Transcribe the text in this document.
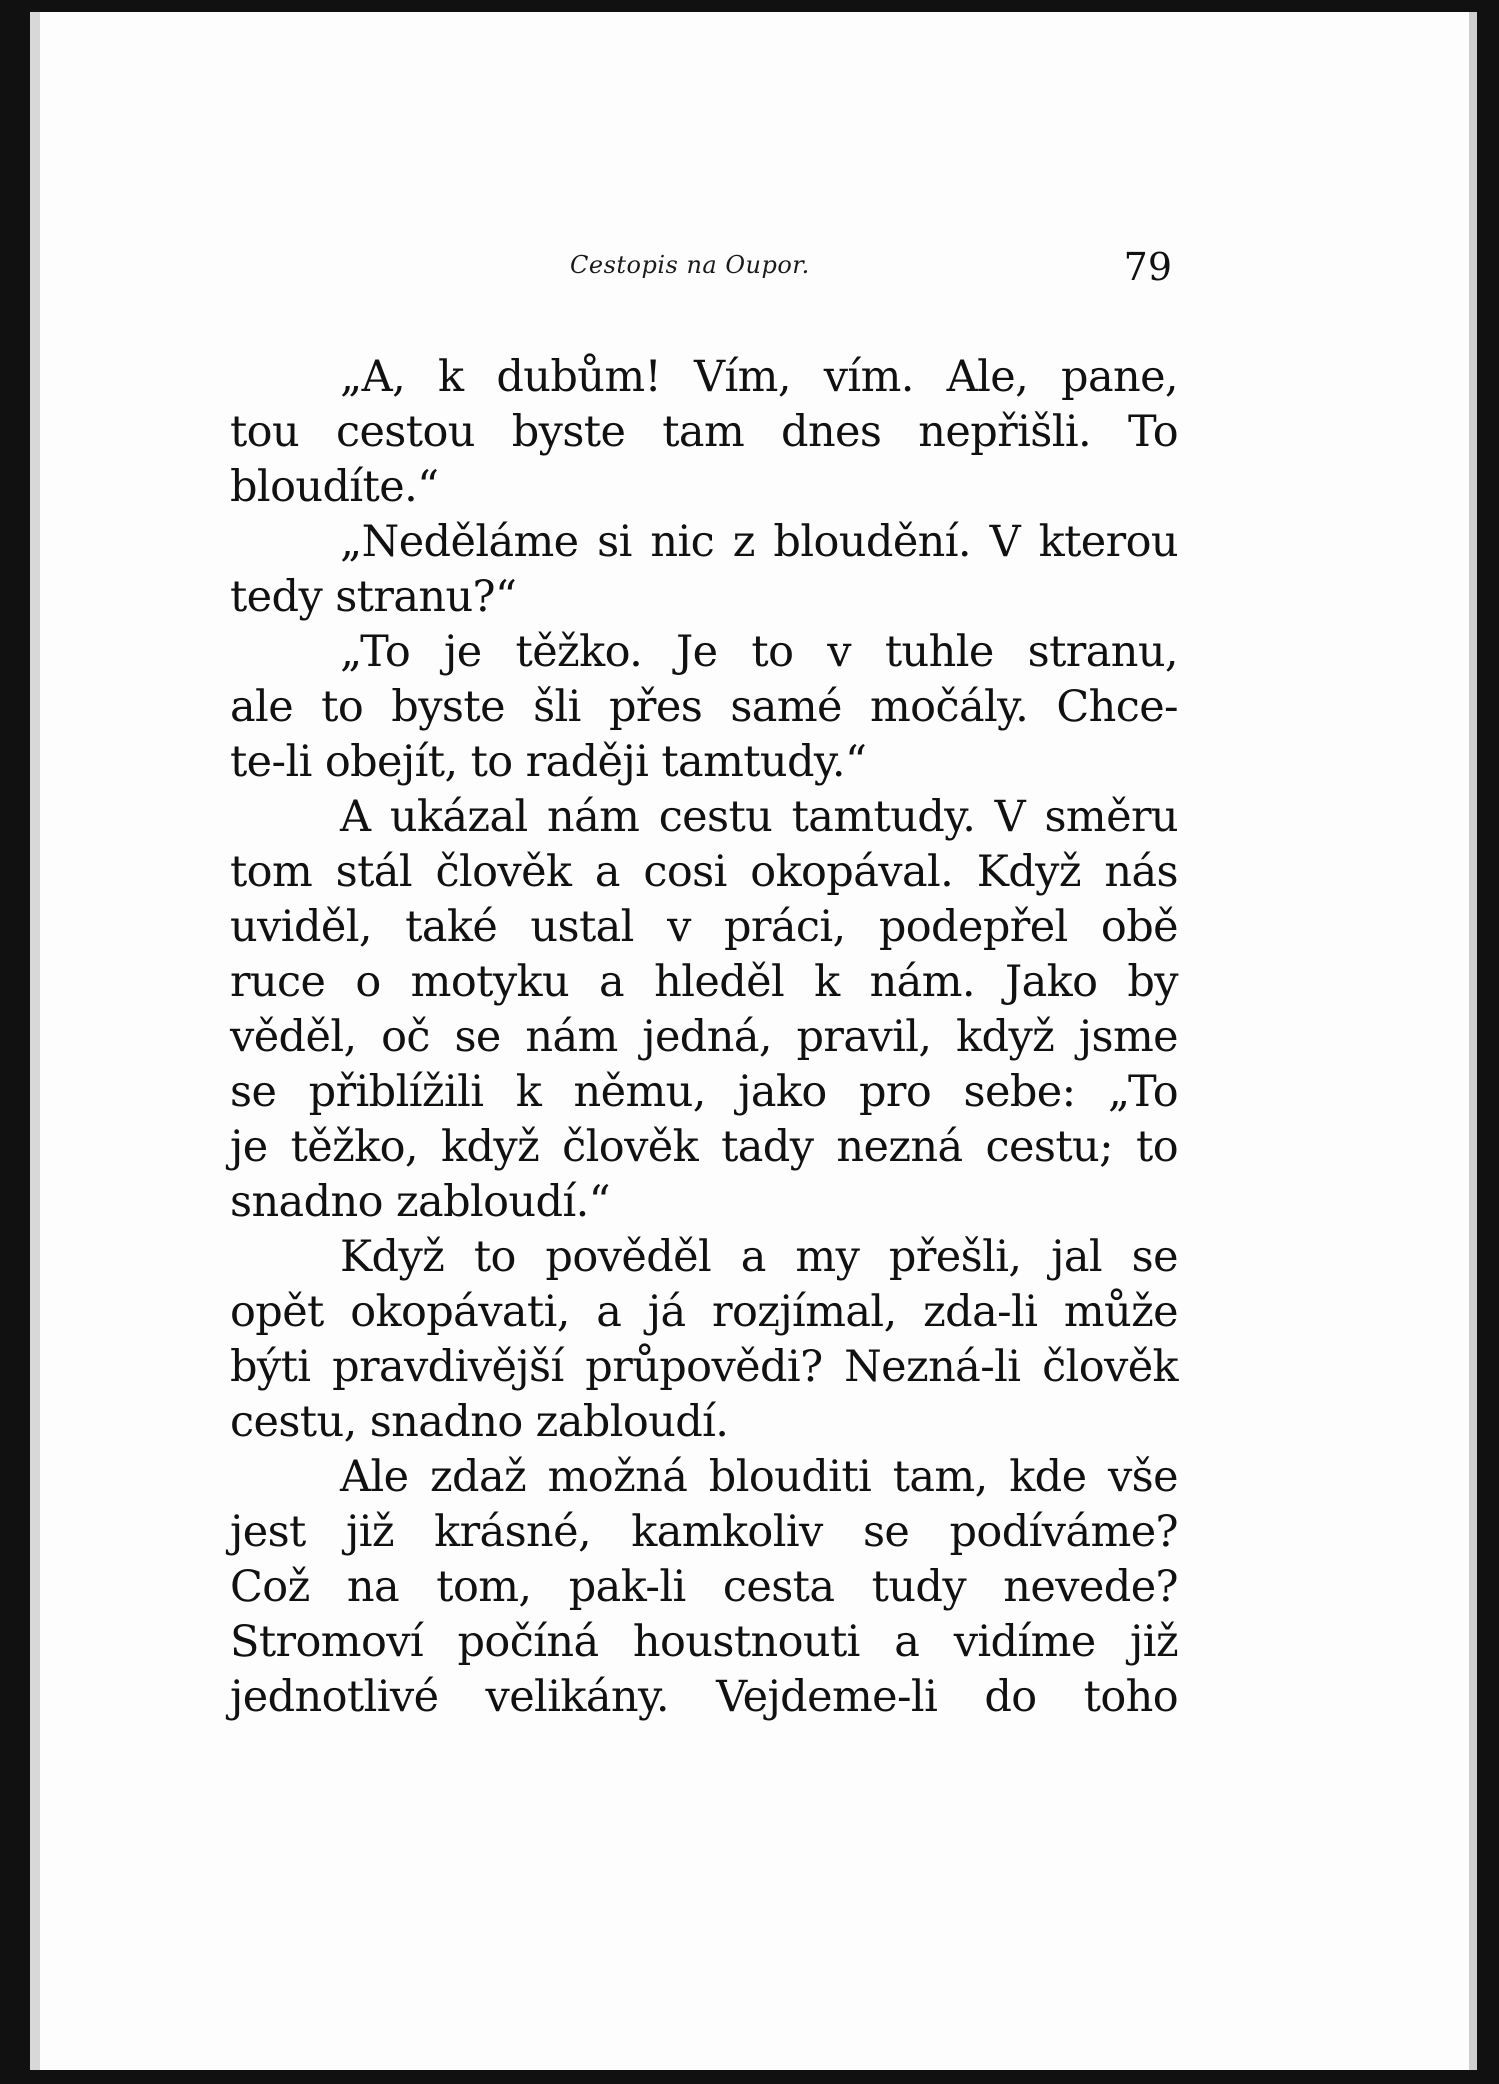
Cestopis na Oupor.	79
„A, k dubům! Vím, vím. Ale, pane,
tou cestou byste tam dnes nepřišli. To
bloudíte.“
„Neděláme si nic z bloudění. V kterou
tedy stranu?“
„To je těžko. Je to v tuhle stranu,
ale to byste šli přes samé močály. Chce-
te-li obejít, to raději tamtudy.“
A ukázal nám cestu tamtudy. V směru
tom stál člověk a cosi okopával. Když nás
uviděl, také ustal v práci, podepřel obě
ruce o motyku a hleděl k nám. Jako by
věděl, oč se nám jedná, pravil, když jsme
se přiblížili k němu, jako pro sebe: „To
je těžko, když člověk tady nezná cestu; to
snadno zabloudí.“
Když to pověděl a my přešli, jal se
opět okopávati, a já rozjímal, zda-li může
býti pravdivější průpovědi? Nezná-li člověk
cestu, snadno zabloudí.
Ale zdaž možná blouditi tam, kde vše
jest již krásné, kamkoliv se podíváme?
Což na tom, pak-li cesta tudy nevede?
Stromoví počíná houstnouti a vidíme již
jednotlivé velikány. Vejdeme-li do toho
